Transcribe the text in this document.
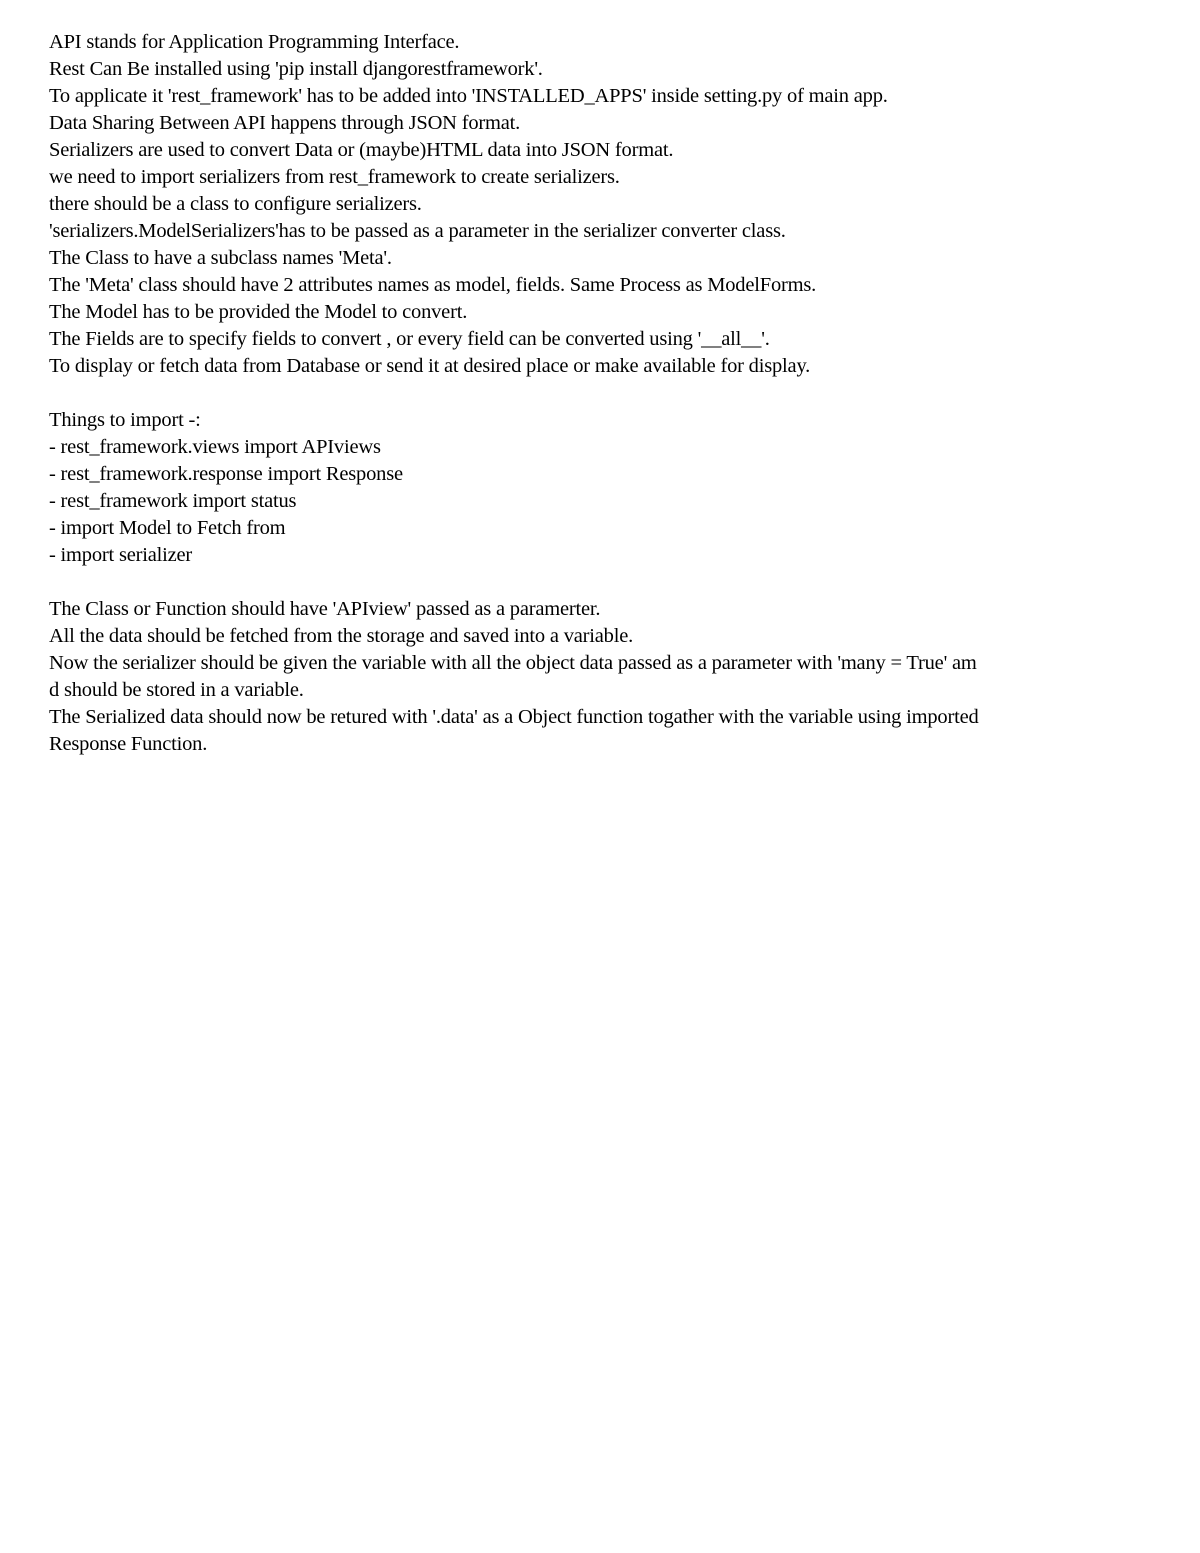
API stands for Application Programming Interface.
Rest Can Be installed using 'pip install djangorestframework'.
To applicate it 'rest_framework' has to be added into 'INSTALLED_APPS' inside setting.py of main app.
Data Sharing Between API happens through JSON format.
Serializers are used to convert Data or (maybe)HTML data into JSON format.
we need to import serializers from rest_framework to create serializers.
there should be a class to configure serializers.
'serializers.ModelSerializers'has to be passed as a parameter in the serializer converter class.
The Class to have a subclass names 'Meta'.
The 'Meta' class should have 2 attributes names as model, fields. Same Process as ModelForms.
The Model has to be provided the Model to convert.
The Fields are to specify fields to convert , or every field can be converted using '__all__'.
To display or fetch data from Database or send it at desired place or make available for display.
Things to import -:
- rest_framework.views import APIviews
- rest_framework.response import Response
- rest_framework import status
- import Model to Fetch from
- import serializer
The Class or Function should have 'APIview' passed as a paramerter.
All the data should be fetched from the storage and saved into a variable.
Now the serializer should be given the variable with all the object data passed as a parameter with 'many = True' am
d should be stored in a variable.
The Serialized data should now be retured with '.data' as a Object function togather with the variable using imported
Response Function.
